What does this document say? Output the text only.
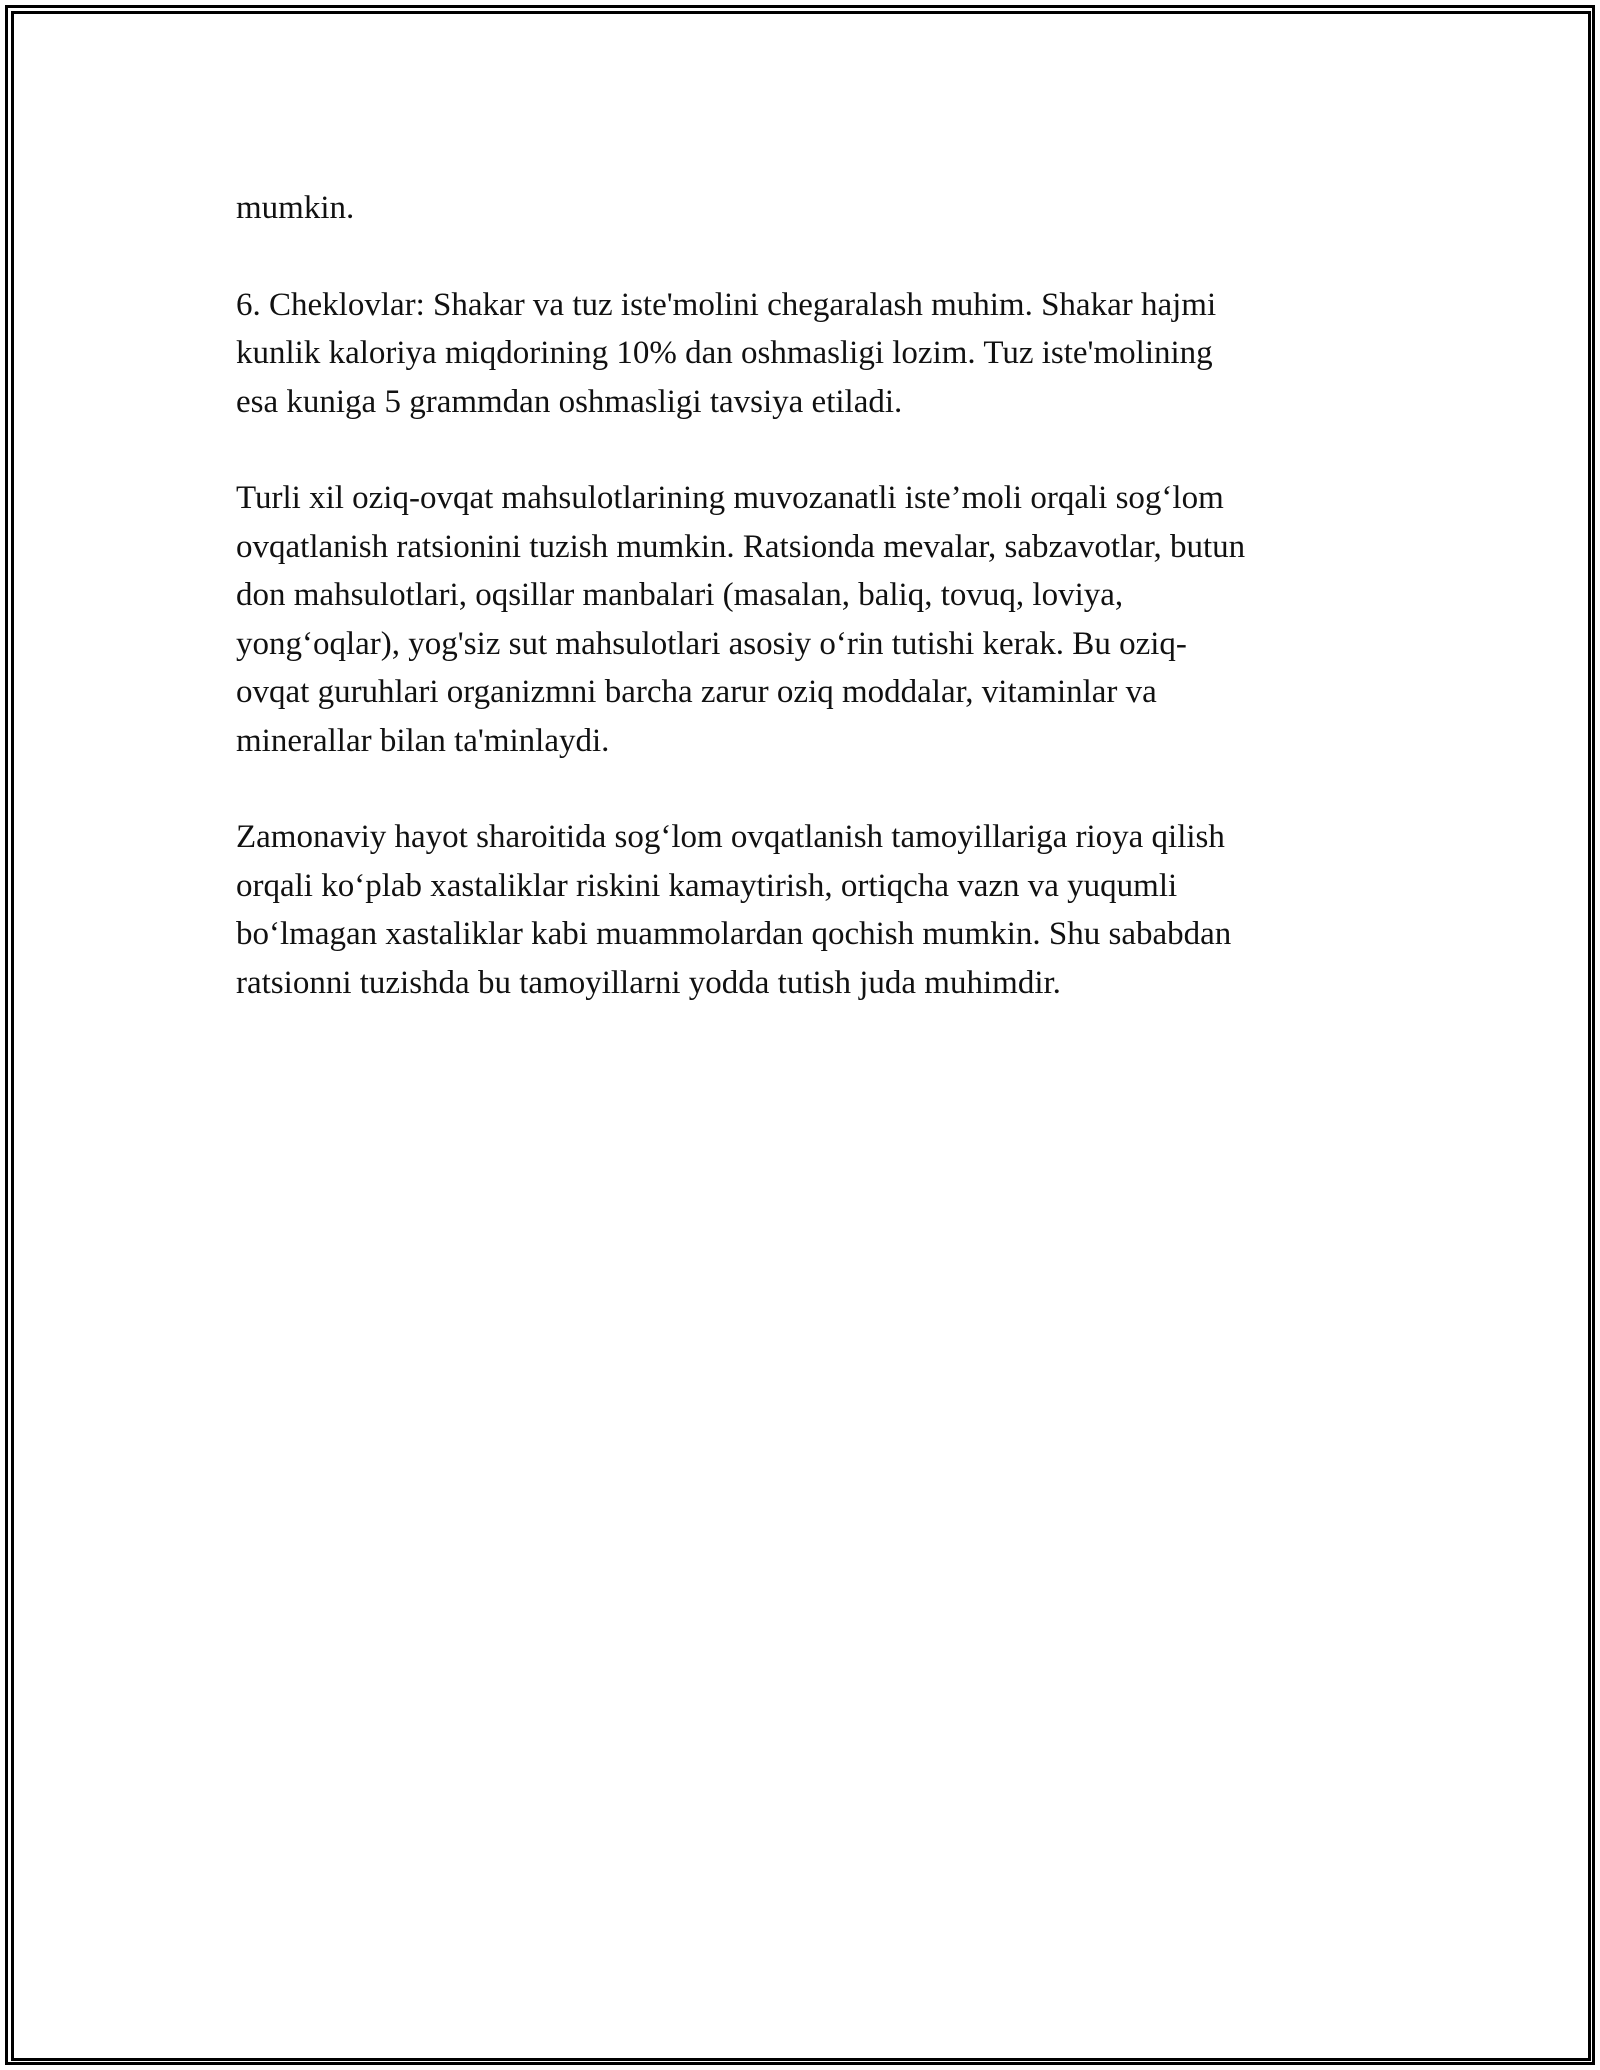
mumkin.

6. Cheklovlar: Shakar va tuz iste'molini chegaralash muhim. Shakar hajmi
kunlik kaloriya miqdorining 10% dan oshmasligi lozim. Tuz iste'molining
esa kuniga 5 grammdan oshmasligi tavsiya etiladi.

Turli xil oziq-ovqat mahsulotlarining muvozanatli iste’moli orqali sog‘lom
ovqatlanish ratsionini tuzish mumkin. Ratsionda mevalar, sabzavotlar, butun
don mahsulotlari, oqsillar manbalari (masalan, baliq, tovuq, loviya,
yong‘oqlar), yog'siz sut mahsulotlari asosiy o‘rin tutishi kerak. Bu oziq-
ovqat guruhlari organizmni barcha zarur oziq moddalar, vitaminlar va
minerallar bilan ta'minlaydi.

Zamonaviy hayot sharoitida sog‘lom ovqatlanish tamoyillariga rioya qilish
orqali ko‘plab xastaliklar riskini kamaytirish, ortiqcha vazn va yuqumli
bo‘lmagan xastaliklar kabi muammolardan qochish mumkin. Shu sababdan
ratsionni tuzishda bu tamoyillarni yodda tutish juda muhimdir.
